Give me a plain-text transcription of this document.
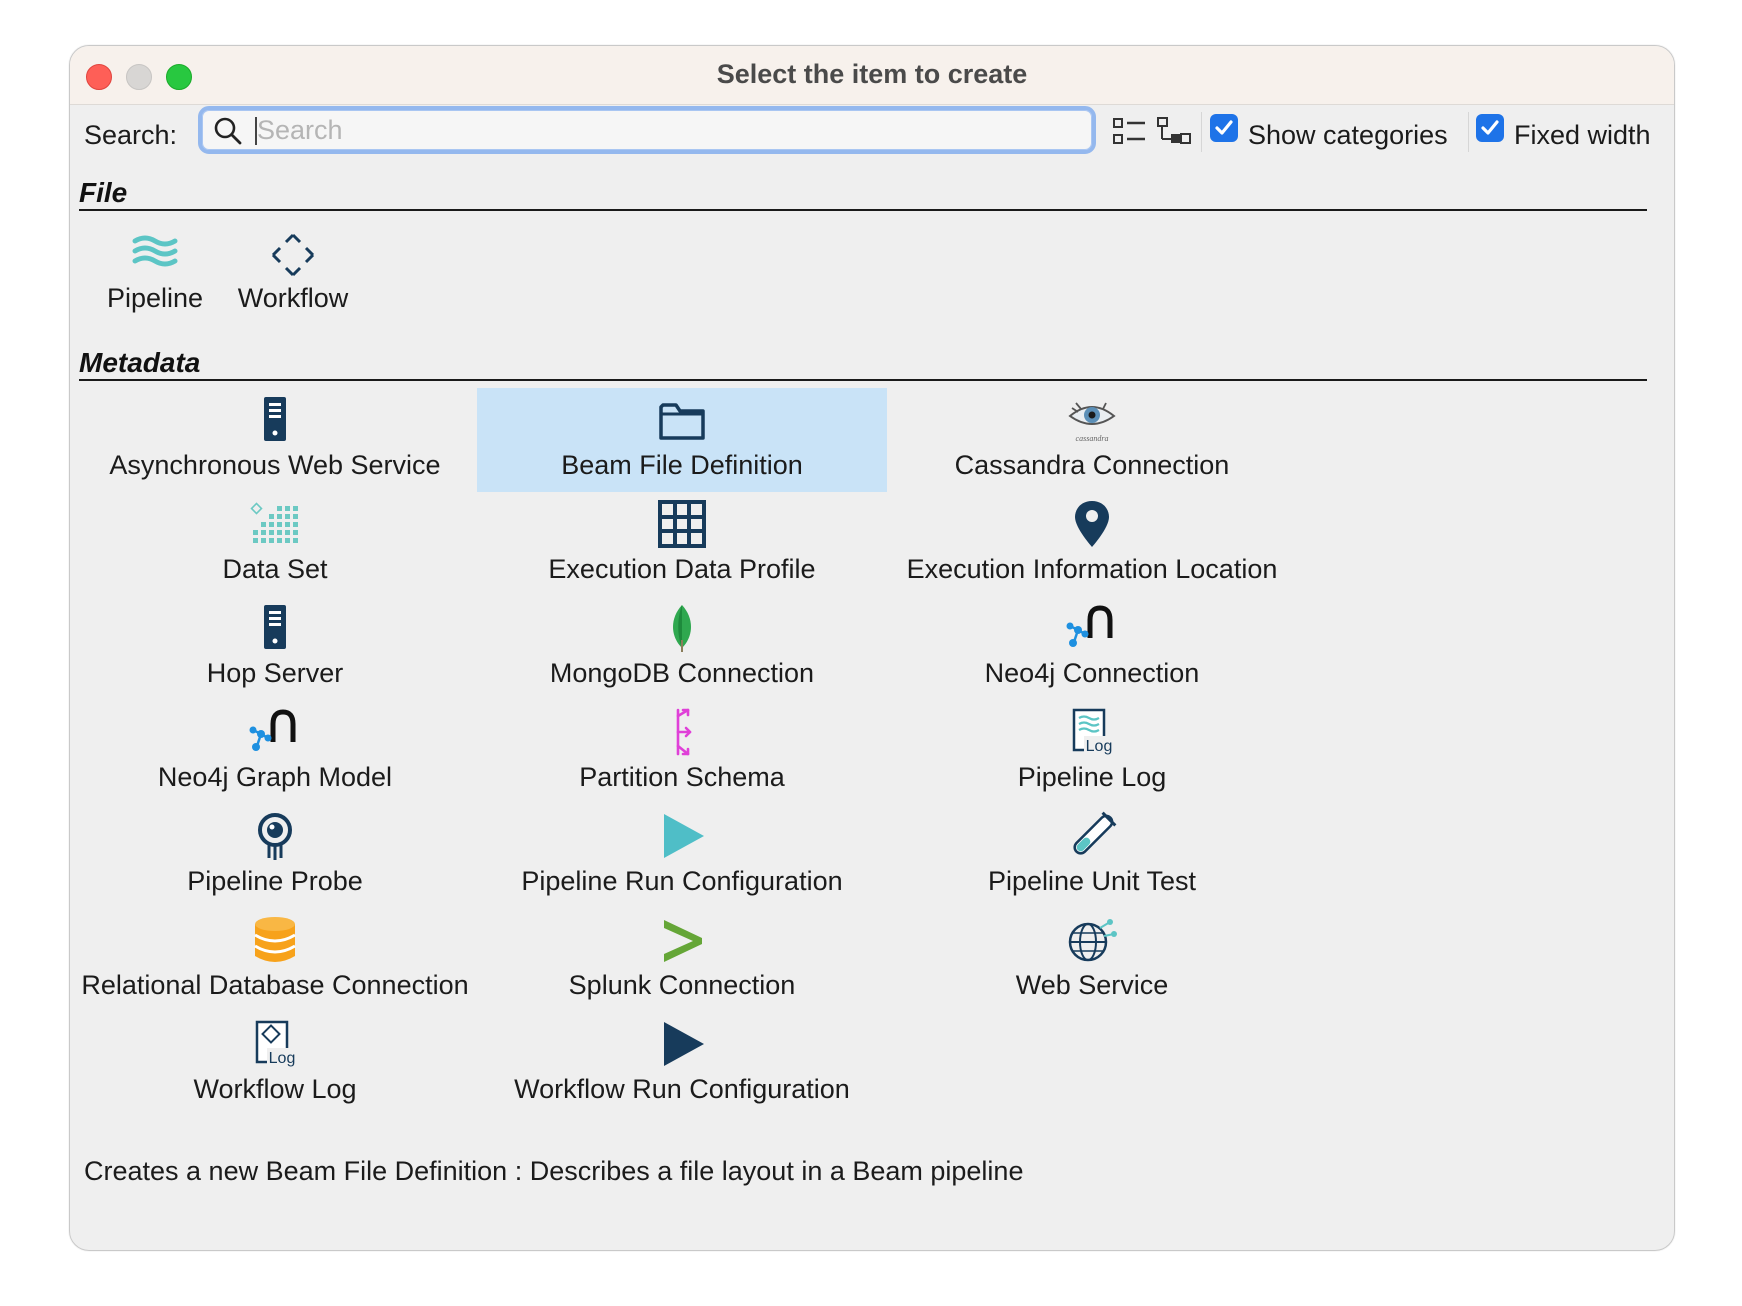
Select the item to create
Search:
Search	Show categories Fixed width
File
Pipeline	Workflow
Metadata
Asynchronous Web Service	Beam File Definition
cassandra
Cassandra Connection
Data Set	Execution Data Profile	Execution Information Location
Hop Server	MongoDB Connection	Neo4j Connection
Neo4j Graph Model	Partition Schema
Log
Pipeline Log
Pipeline Probe	Pipeline Run Configuration	Pipeline Unit Test
Relational Database Connection	Splunk Connection	Web Service
Log
Workflow Log	Workflow Run Configuration
Creates a new Beam File Definition : Describes a file layout in a Beam pipeline
